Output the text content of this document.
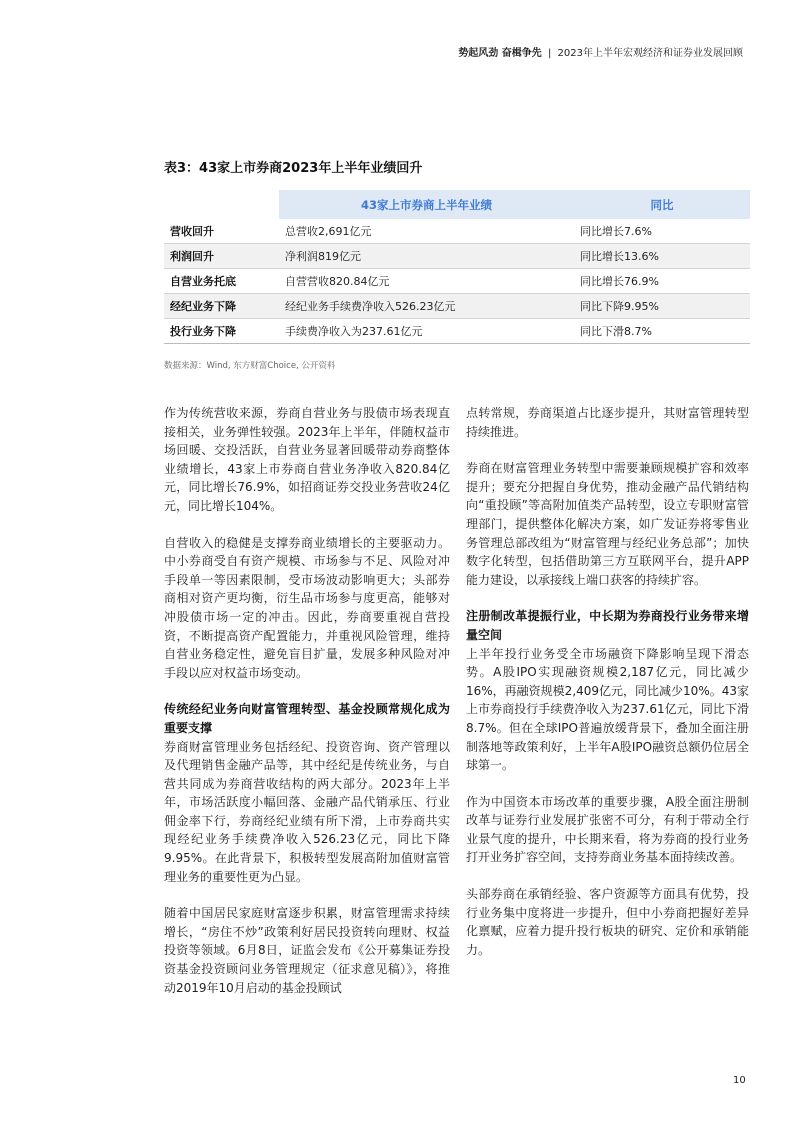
势起风劲 奋楫争先 | 2023年上半年宏观经济和证券业发展回顾
表3：43家上市券商2023年上半年业绩回升
	43家上市券商上半年业绩	同比
营收回升	总营收2,691亿元	同比增长7.6%
利润回升	净利润819亿元	同比增长13.6%
自营业务托底	自营营收820.84亿元	同比增长76.9%
经纪业务下降	经纪业务手续费净收入526.23亿元	同比下降9.95%
投行业务下降	手续费净收入为237.61亿元	同比下滑8.7%
数据来源：Wind, 东方财富Choice, 公开资料

作为传统营收来源，券商自营业务与股债市场表现直接相关，业务弹性较强。2023年上半年，伴随权益市场回暖、交投活跃，自营业务显著回暖带动券商整体业绩增长，43家上市券商自营业务净收入820.84亿元，同比增长76.9%，如招商证券交投业务营收24亿元，同比增长104%。

自营收入的稳健是支撑券商业绩增长的主要驱动力。中小券商受自有资产规模、市场参与不足、风险对冲手段单一等因素限制，受市场波动影响更大；头部券商相对资产更均衡，衍生品市场参与度更高，能够对冲股债市场一定的冲击。因此，券商要重视自营投资，不断提高资产配置能力，并重视风险管理，维持自营业务稳定性，避免盲目扩量，发展多种风险对冲手段以应对权益市场变动。

传统经纪业务向财富管理转型、基金投顾常规化成为重要支撑

券商财富管理业务包括经纪、投资咨询、资产管理以及代理销售金融产品等，其中经纪是传统业务，与自营共同成为券商营收结构的两大部分。2023年上半年，市场活跃度小幅回落、金融产品代销承压、行业佣金率下行，券商经纪业绩有所下滑，上市券商共实现经纪业务手续费净收入526.23亿元，同比下降9.95%。在此背景下，积极转型发展高附加值财富管理业务的重要性更为凸显。

随着中国居民家庭财富逐步积累，财富管理需求持续增长，“房住不炒”政策利好居民投资转向理财、权益投资等领域。6月8日，证监会发布《公开募集证券投资基金投资顾问业务管理规定（征求意见稿）》，将推动2019年10月启动的基金投顾试

点转常规，券商渠道占比逐步提升，其财富管理转型持续推进。

券商在财富管理业务转型中需要兼顾规模扩容和效率提升；要充分把握自身优势，推动金融产品代销结构向“重投顾”等高附加值类产品转型，设立专职财富管理部门，提供整体化解决方案，如广发证券将零售业务管理总部改组为“财富管理与经纪业务总部”；加快数字化转型，包括借助第三方互联网平台，提升APP能力建设，以承接线上端口获客的持续扩容。

注册制改革提振行业，中长期为券商投行业务带来增量空间

上半年投行业务受全市场融资下降影响呈现下滑态势。A股IPO实现融资规模2,187亿元，同比减少16%，再融资规模2,409亿元，同比减少10%。43家上市券商投行手续费净收入为237.61亿元，同比下滑8.7%。但在全球IPO普遍放缓背景下，叠加全面注册制落地等政策利好，上半年A股IPO融资总额仍位居全球第一。

作为中国资本市场改革的重要步骤，A股全面注册制改革与证券行业发展扩张密不可分，有利于带动全行业景气度的提升，中长期来看，将为券商的投行业务打开业务扩容空间，支持券商业务基本面持续改善。

头部券商在承销经验、客户资源等方面具有优势，投行业务集中度将进一步提升，但中小券商把握好差异化禀赋，应着力提升投行板块的研究、定价和承销能力。

10
